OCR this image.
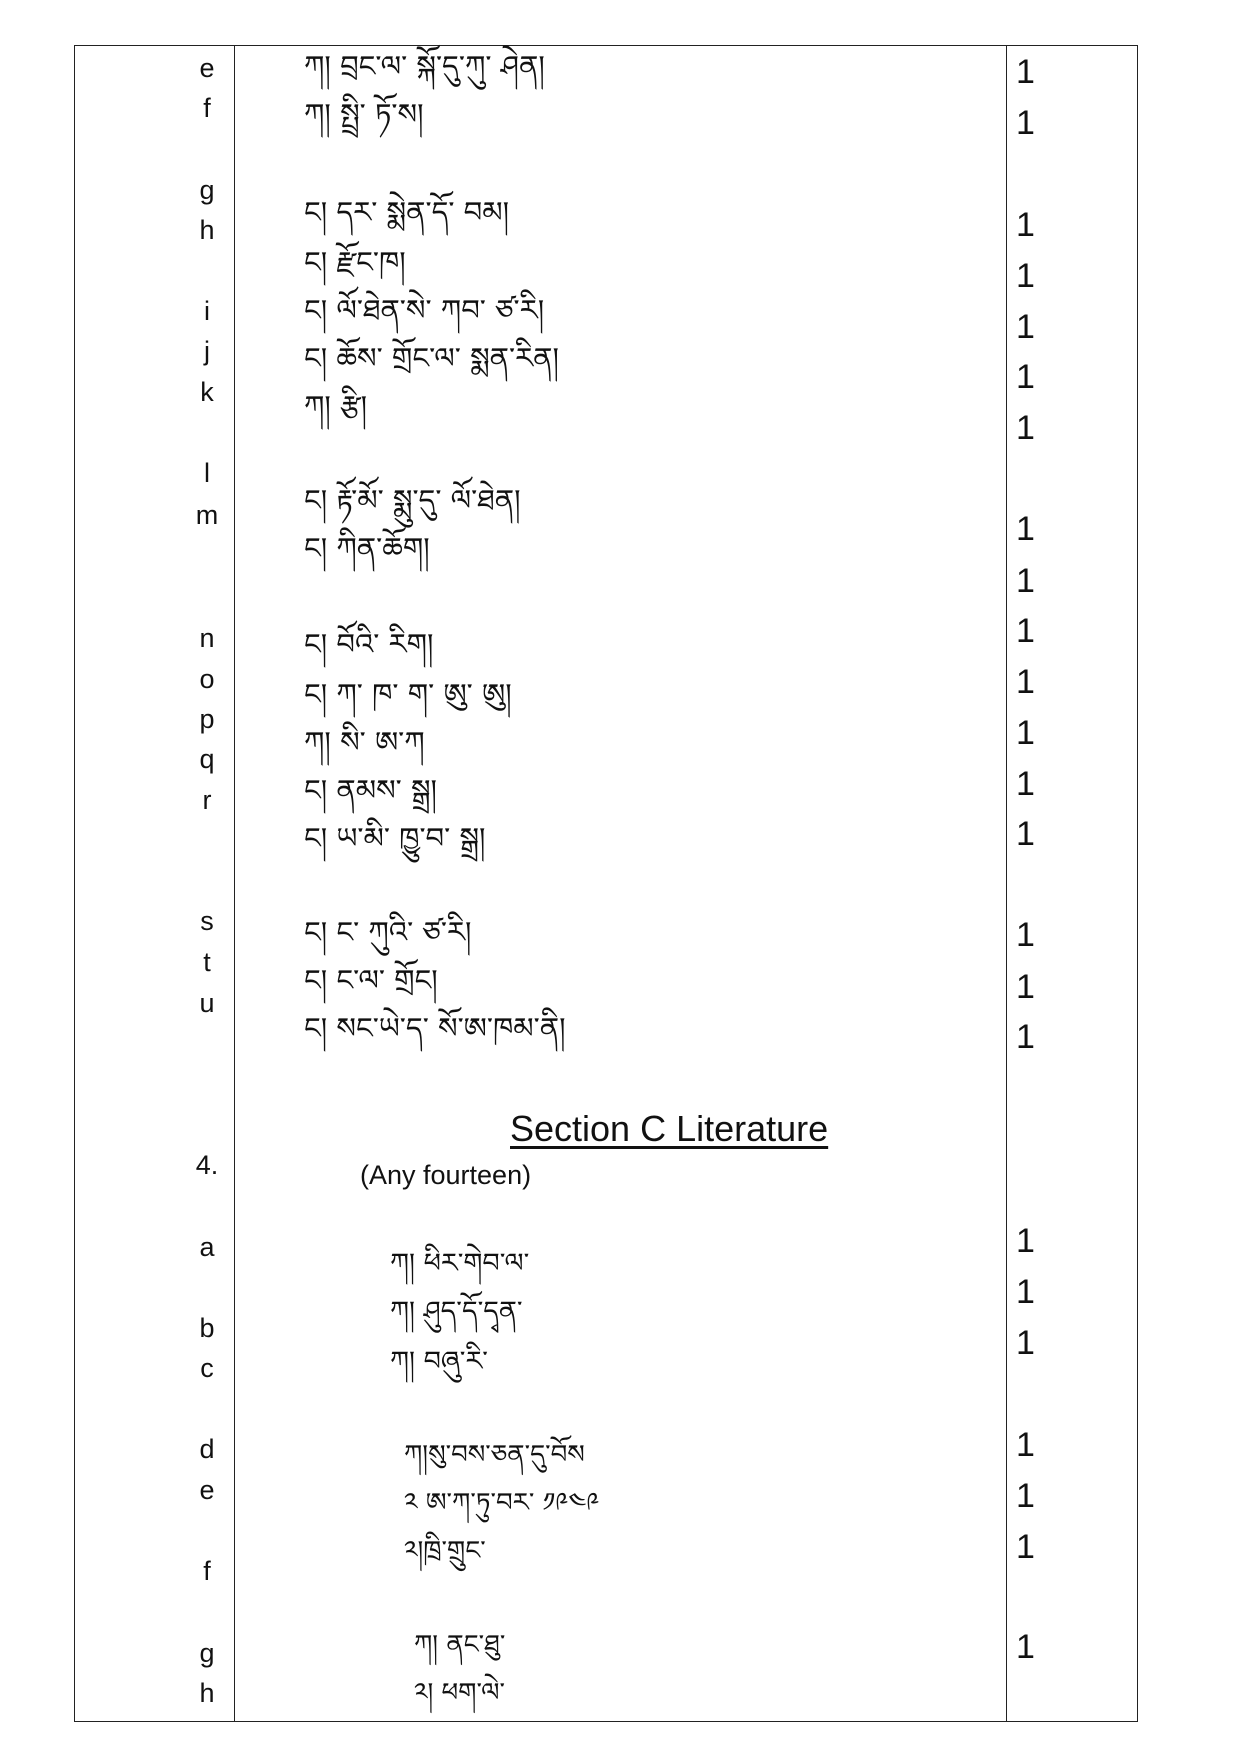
e
f
g
h
i
j
k
l
m
n
o
p
q
r
s
t
u
4.
a
b
c
d
e
f
g
h
ཀ། བྲང་ལ་ སྐོ་དུ་ཀུ་ ཤེན།
ཀ། སྤྲི་ ཏོ་ས།
ང། དར་ སྨེན་དོ་ བམ།
ང། རྫོང་ཁ།
ང། ལོ་ཐེན་སེ་ ཀབ་ ཙ་རི།
ང། ཆོས་ གྲོང་ལ་ སྨན་རིན།
ཀ། རྩི།
ང། རྟོ་མོ་ སྨུ་དུ་ ལོ་ཐེན།
ང། ཀིན་ཆོག།
ང། བོའི་ རིག།
ང། ཀ་ ཁ་ ག་ ཨུ་ ཨུ།
ཀ། སི་ ཨ་ཀ
ང། ནམས་ སྒྲ།
ང། ཡ་མི་ ཁྱུ་བ་ སྒྲ།
ང། ང་ ཀུའི་ ཙ་རི།
ང། ང་ལ་ གྲོང།
ང། སང་ཡེ་ད་ སོ་ཨ་ཁམ་ནི།
Section C Literature
(Any fourteen)
ཀ། ཕིར་གེབ་ལ་
ཀ། ཤུད་དོ་དྭན་
ཀ། བཞུ་རི་
ཀ།སུ་བས་ཅན་དུ་བོས
༢ ཨ་ཀ་ཏུ་བར་ ༡༩༤༩
༢།ཁྲི་གྲུང་
ཀ། ནང་ཐུ་
༢། ཕག་ལེ་
1
1
1
1
1
1
1
1
1
1
1
1
1
1
1
1
1
1
1
1
1
1
1
1
